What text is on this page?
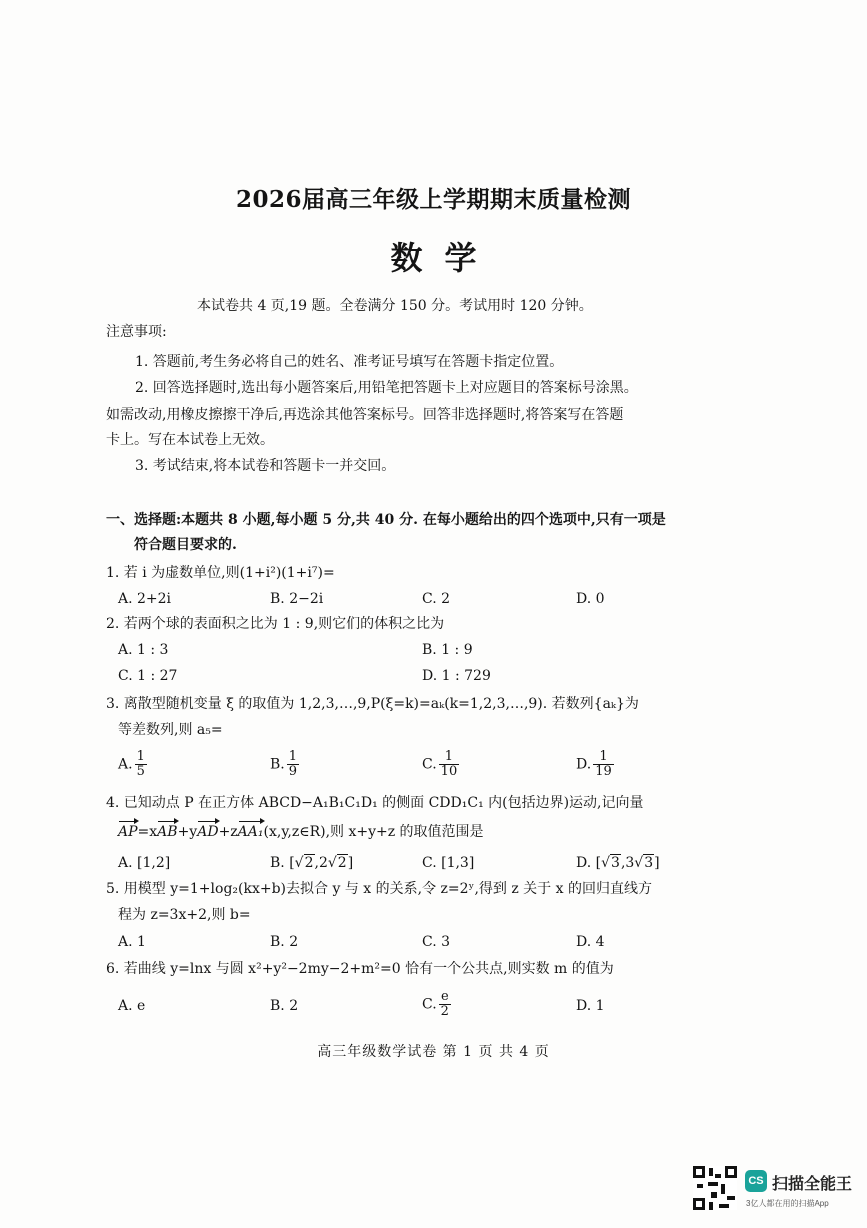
2026届高三年级上学期期末质量检测
数学
本试卷共 4 页,19 题。全卷满分 150 分。考试用时 120 分钟。
注意事项:
1. 答题前,考生务必将自己的姓名、准考证号填写在答题卡指定位置。
2. 回答选择题时,选出每小题答案后,用铅笔把答题卡上对应题目的答案标号涂黑。
如需改动,用橡皮擦擦干净后,再选涂其他答案标号。回答非选择题时,将答案写在答题
卡上。写在本试卷上无效。
3. 考试结束,将本试卷和答题卡一并交回。
一、选择题:本题共 8 小题,每小题 5 分,共 40 分. 在每小题给出的四个选项中,只有一项是
符合题目要求的.
1. 若 i 为虚数单位,则(1+i²)(1+i⁷)=
A. 2+2i	B. 2−2i	C. 2	D. 0
2. 若两个球的表面积之比为 1 : 9,则它们的体积之比为
A. 1 : 3	B. 1 : 9
C. 1 : 27	D. 1 : 729
3. 离散型随机变量 ξ 的取值为 1,2,3,…,9,P(ξ=k)=aₖ(k=1,2,3,…,9). 若数列{aₖ}为
等差数列,则 a₅=
A. $\frac{1}{5}$	B. $\frac{1}{9}$	C. $\frac{1}{10}$	D. $\frac{1}{19}$
4. 已知动点 P 在正方体 ABCD−A₁B₁C₁D₁ 的侧面 CDD₁C₁ 内(包括边界)运动,记向量
AP=xAB+yAD+zAA₁(x,y,z∈R),则 x+y+z 的取值范围是
A. [1,2]	B. [√2,2√2]	C. [1,3]	D. [√3,3√3]
5. 用模型 y=1+log₂(kx+b)去拟合 y 与 x 的关系,令 z=2ʸ,得到 z 关于 x 的回归直线方
程为 z=3x+2,则 b=
A. 1	B. 2	C. 3	D. 4
6. 若曲线 y=lnx 与圆 x²+y²−2my−2+m²=0 恰有一个公共点,则实数 m 的值为
A. e	B. 2	C. $\frac{e}{2}$	D. 1
高三年级数学试卷 第 1 页 共 4 页
CS 扫描全能王
3亿人都在用的扫描App
